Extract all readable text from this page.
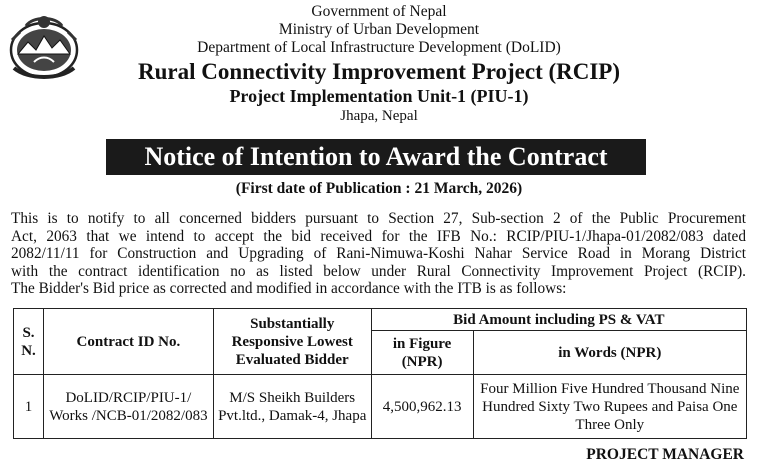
Government of Nepal
Ministry of Urban Development
Department of Local Infrastructure Development (DoLID)
Rural Connectivity Improvement Project (RCIP)
Project Implementation Unit-1 (PIU-1)
Jhapa, Nepal
Notice of Intention to Award the Contract
(First date of Publication : 21 March, 2026)
This is to notify to all concerned bidders pursuant to Section 27, Sub-section 2 of the Public Procurement
Act, 2063 that we intend to accept the bid received for the IFB No.: RCIP/PIU-1/Jhapa-01/2082/083 dated
2082/11/11 for Construction and Upgrading of Rani-Nimuwa-Koshi Nahar Service Road in Morang District
with the contract identification no as listed below under Rural Connectivity Improvement Project (RCIP).
The Bidder's Bid price as corrected and modified in accordance with the ITB is as follows:
S. N.	Contract ID No.	Substantially Responsive Lowest Evaluated Bidder	Bid Amount including PS & VAT	
			in Figure (NPR)	in Words (NPR)
1	DoLID/RCIP/PIU-1/ Works /NCB-01/2082/083	M/S Sheikh Builders Pvt.ltd., Damak-4, Jhapa	4,500,962.13	Four Million Five Hundred Thousand Nine Hundred Sixty Two Rupees and Paisa One Three Only
PROJECT MANAGER
